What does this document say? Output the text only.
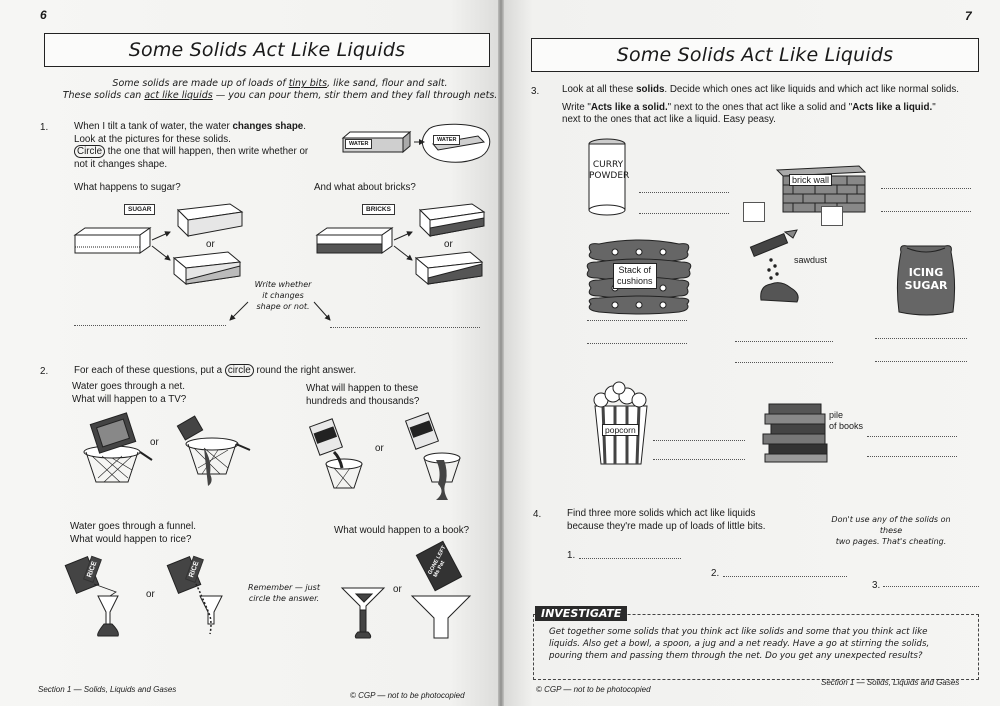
6
Some Solids Act Like Liquids
Some solids are made up of loads of tiny bits, like sand, flour and salt.
These solids can act like liquids — you can pour them, stir them and they fall through nets.
1.	When I tilt a tank of water, the water changes shape.
Look at the pictures for these solids.
Circle the one that will happen, then write whether or
not it changes shape.
WATER
WATER
What happens to sugar?	And what about bricks?
SUGAR	BRICKS
or	or
Write whether
it changes
shape or not.
2.	For each of these questions, put a circle round the right answer.
Water goes through a net.
What will happen to a TV?
What will happen to these
hundreds and thousands?
or
or
Water goes through a funnel.
What would happen to rice?
What would happen to a book?
RICE	RICE
or
Remember — just
circle the answer.
GONE LEFT Ms Pat
or
Section 1 — Solids, Liquids and Gases
© CGP — not to be photocopied
7
Some Solids Act Like Liquids
3. Look at all these solids. Decide which ones act like liquids and which act like normal solids.
Write "Acts like a solid." next to the ones that act like a solid and "Acts like a liquid."
next to the ones that act like a liquid. Easy peasy.
CURRY
POWDER	brick wall
Stack of
cushions
sawdust
ICING
SUGAR
popcorn
pile
of books
4.	Find three more solids which act like liquids
because they're made up of loads of little bits.
Don't use any of the solids on these
two pages. That's cheating.
1.
2.
3.
INVESTIGATE
Get together some solids that you think act like solids and some that you think act like
liquids. Also get a bowl, a spoon, a jug and a net ready. Have a go at stirring the solids,
pouring them and passing them through the net. Do you get any unexpected results?
© CGP — not to be photocopied
Section 1 — Solids, Liquids and Gases
